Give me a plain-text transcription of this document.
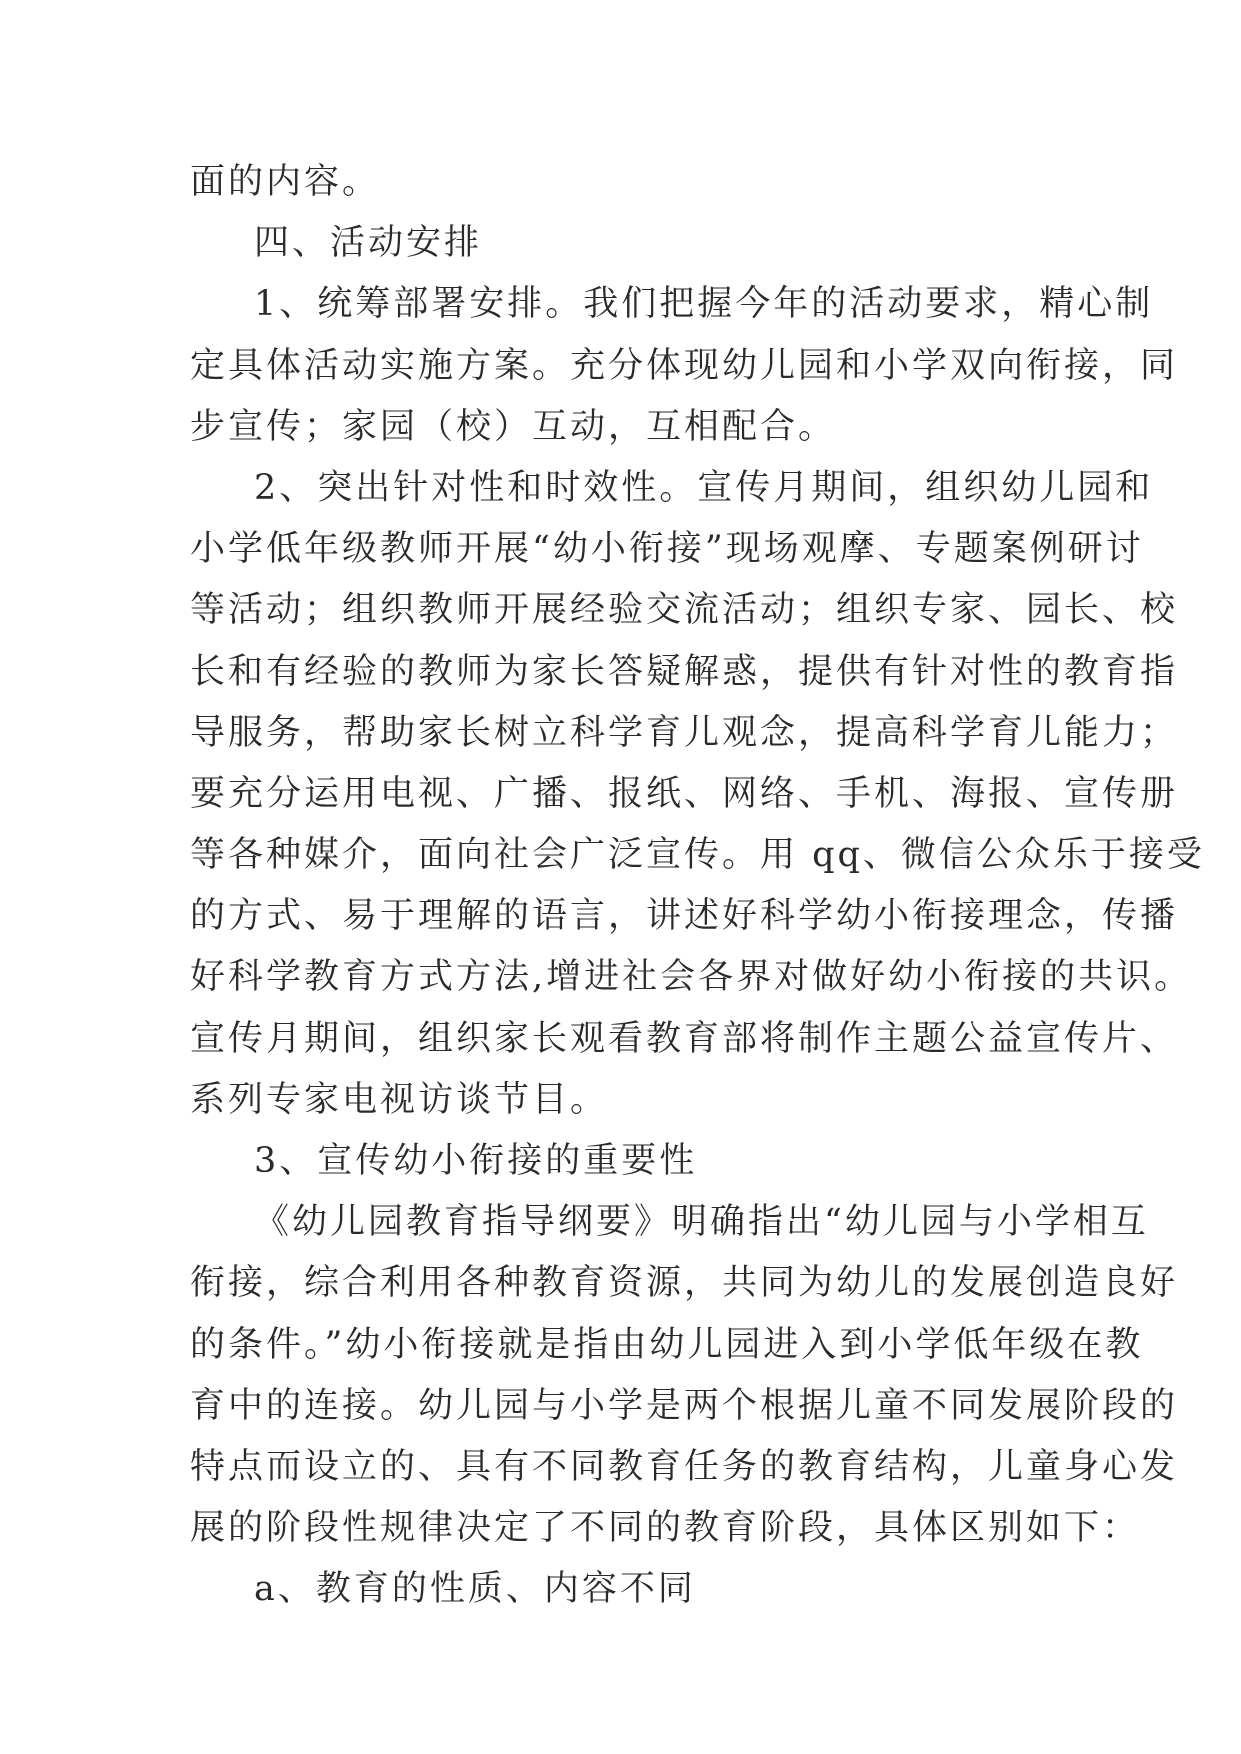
面的内容。
四、活动安排
1、统筹部署安排。我们把握今年的活动要求，精心制
定具体活动实施方案。充分体现幼儿园和小学双向衔接，同
步宣传；家园（校）互动，互相配合。
2、突出针对性和时效性。宣传月期间，组织幼儿园和
小学低年级教师开展“幼小衔接”现场观摩、专题案例研讨
等活动；组织教师开展经验交流活动；组织专家、园长、校
长和有经验的教师为家长答疑解惑，提供有针对性的教育指
导服务，帮助家长树立科学育儿观念，提高科学育儿能力；
要充分运用电视、广播、报纸、网络、手机、海报、宣传册
等各种媒介，面向社会广泛宣传。用 qq、微信公众乐于接受
的方式、易于理解的语言，讲述好科学幼小衔接理念，传播
好科学教育方式方法,增进社会各界对做好幼小衔接的共识。
宣传月期间，组织家长观看教育部将制作主题公益宣传片、
系列专家电视访谈节目。
3、宣传幼小衔接的重要性
《幼儿园教育指导纲要》明确指出“幼儿园与小学相互
衔接，综合利用各种教育资源，共同为幼儿的发展创造良好
的条件。”幼小衔接就是指由幼儿园进入到小学低年级在教
育中的连接。幼儿园与小学是两个根据儿童不同发展阶段的
特点而设立的、具有不同教育任务的教育结构，儿童身心发
展的阶段性规律决定了不同的教育阶段，具体区别如下：
a、教育的性质、内容不同
